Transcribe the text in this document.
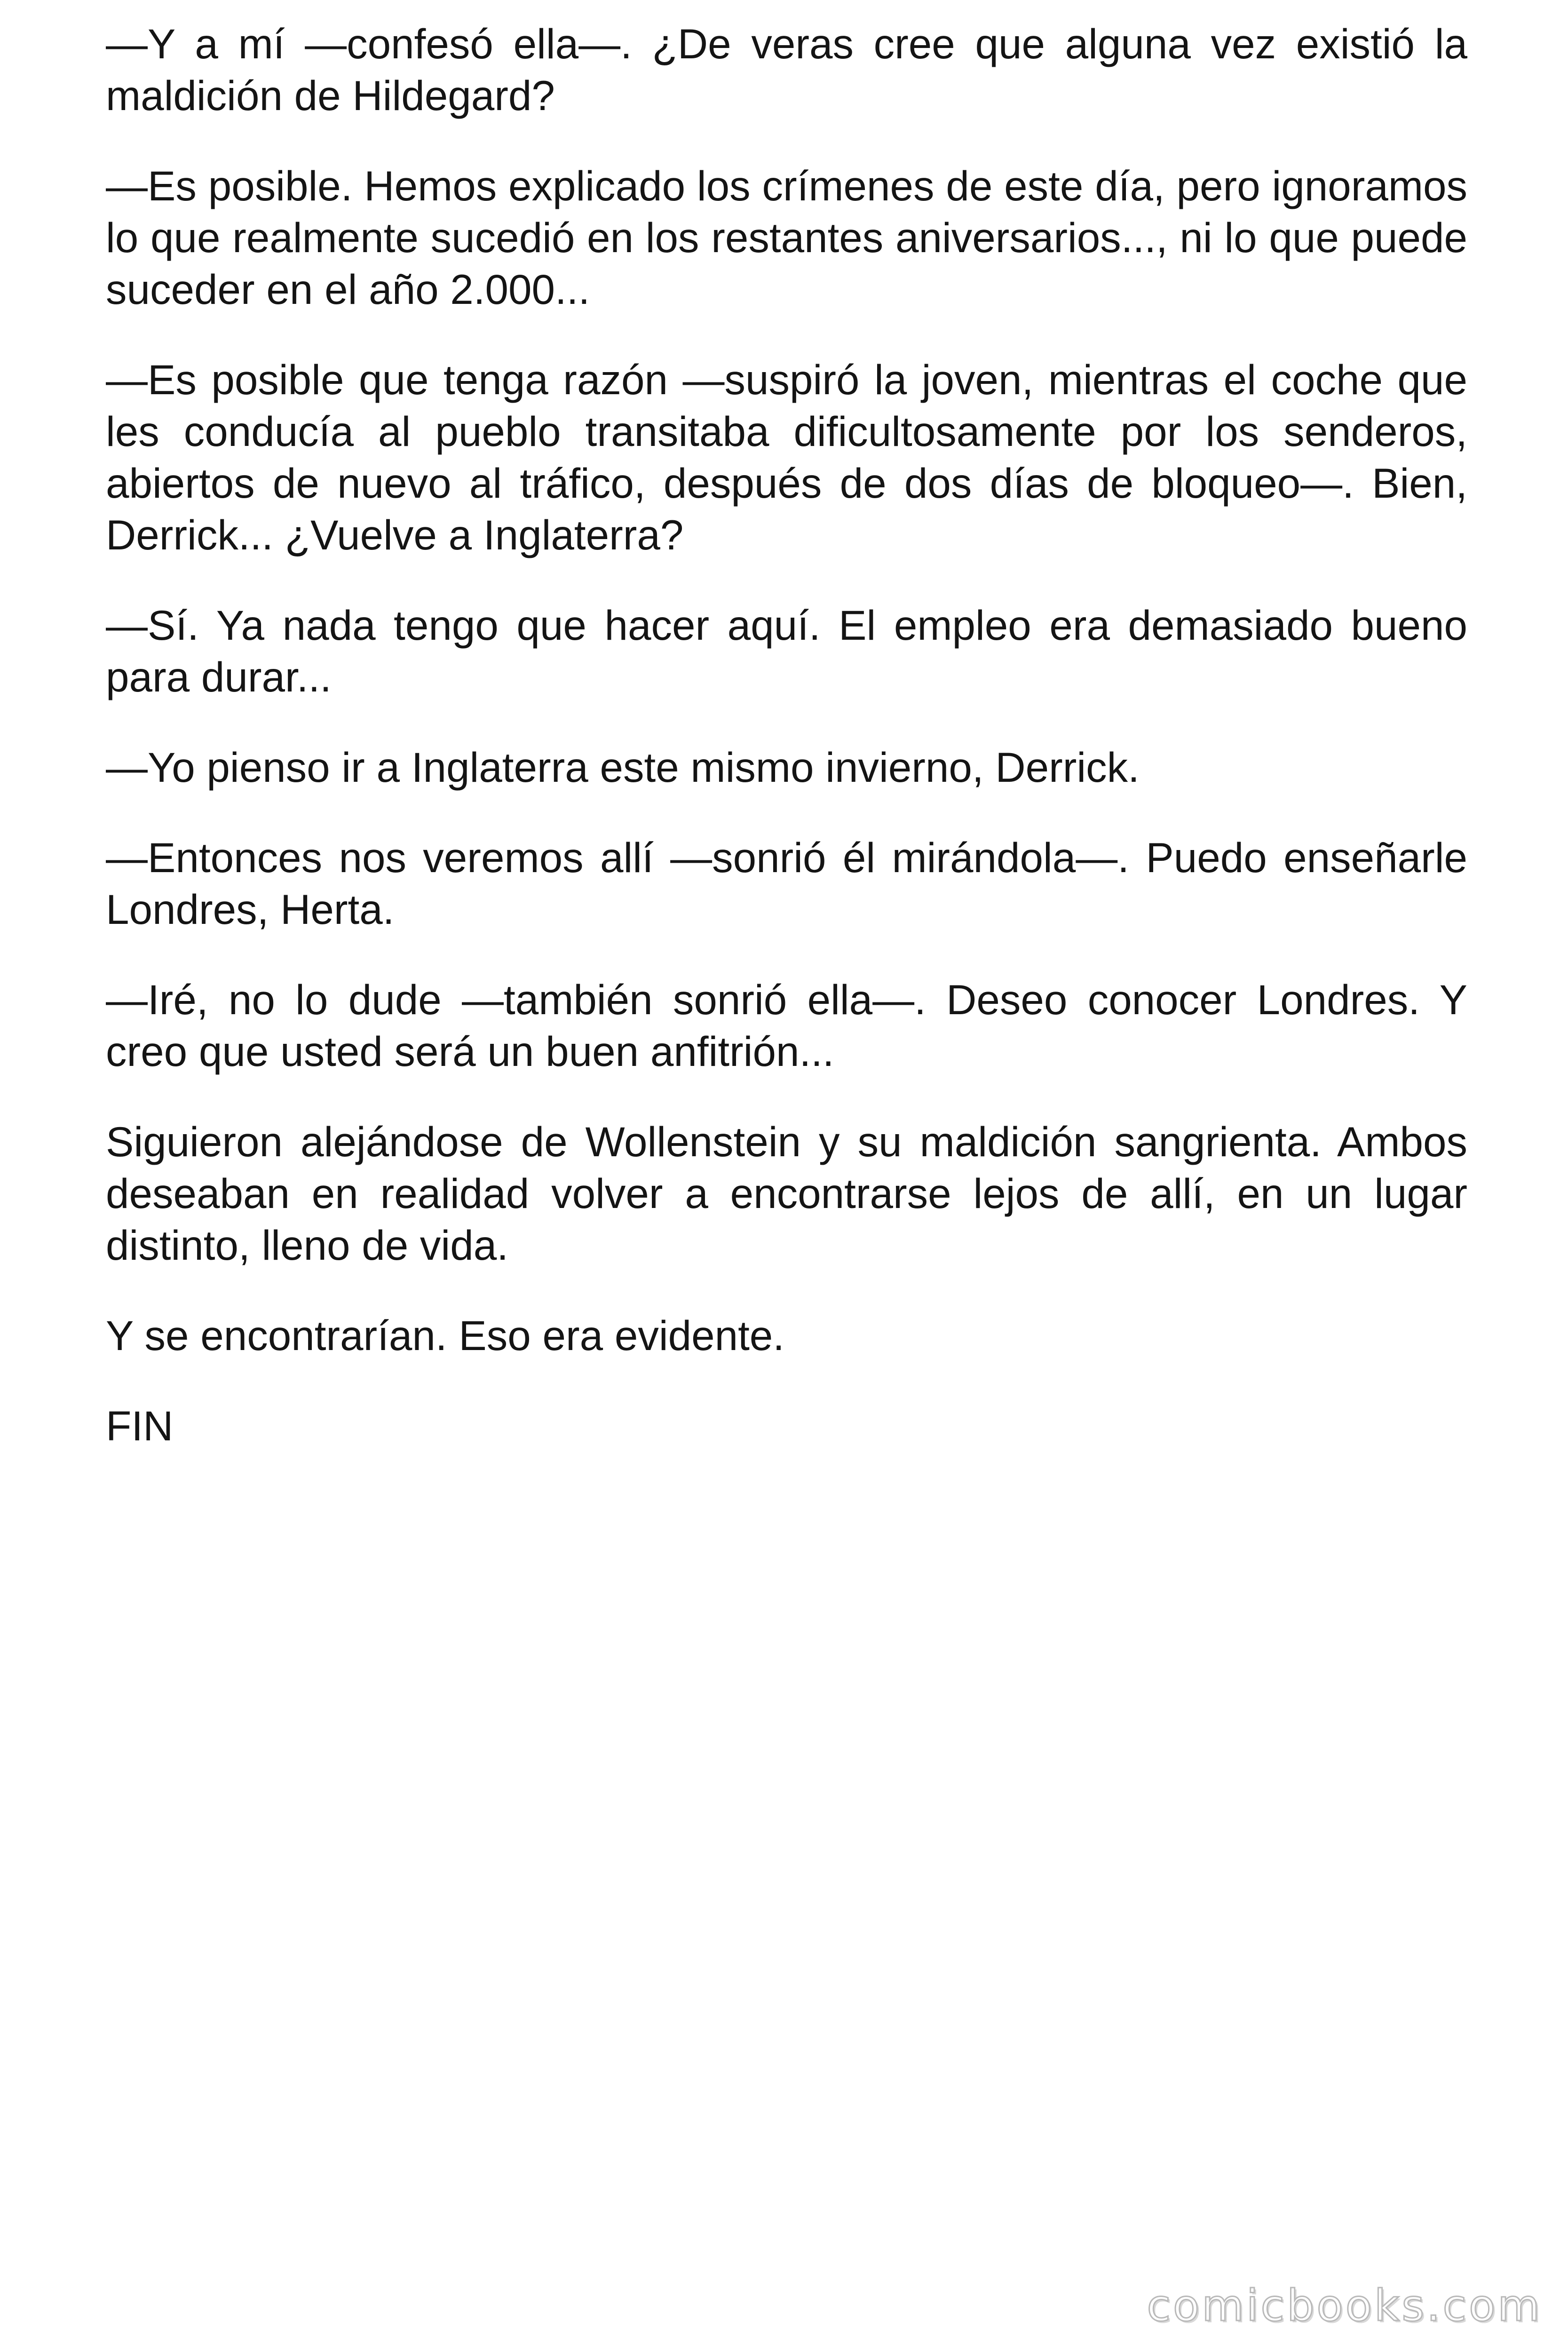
—Y a mí —confesó ella—. ¿De veras cree que alguna vez existió la maldición de Hildegard?

—Es posible. Hemos explicado los crímenes de este día, pero ignoramos lo que realmente sucedió en los restantes aniversarios..., ni lo que puede suceder en el año 2.000...

—Es posible que tenga razón —suspiró la joven, mientras el coche que les conducía al pueblo transitaba dificultosamente por los senderos, abiertos de nuevo al tráfico, después de dos días de bloqueo—. Bien, Derrick... ¿Vuelve a Inglaterra?

—Sí. Ya nada tengo que hacer aquí. El empleo era demasiado bueno para durar...

—Yo pienso ir a Inglaterra este mismo invierno, Derrick.

—Entonces nos veremos allí —sonrió él mirándola—. Puedo enseñarle Londres, Herta.

—Iré, no lo dude —también sonrió ella—. Deseo conocer Londres. Y creo que usted será un buen anfitrión...

Siguieron alejándose de Wollenstein y su maldición sangrienta. Ambos deseaban en realidad volver a encontrarse lejos de allí, en un lugar distinto, lleno de vida.

Y se encontrarían. Eso era evidente.

FIN

comicbooks.com
